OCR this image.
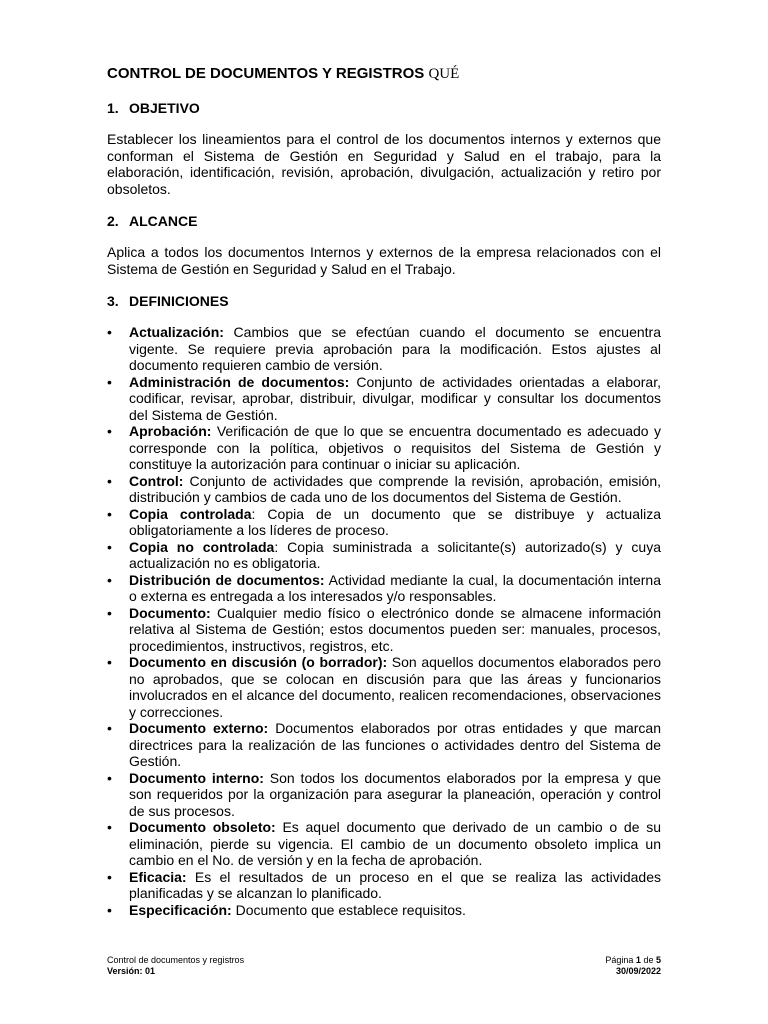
CONTROL DE DOCUMENTOS Y REGISTROS QUÉ

1. OBJETIVO

Establecer los lineamientos para el control de los documentos internos y externos que conforman el Sistema de Gestión en Seguridad y Salud en el trabajo, para la elaboración, identificación, revisión, aprobación, divulgación, actualización y retiro por obsoletos.

2. ALCANCE

Aplica a todos los documentos Internos y externos de la empresa relacionados con el Sistema de Gestión en Seguridad y Salud en el Trabajo.

3. DEFINICIONES

• Actualización: Cambios que se efectúan cuando el documento se encuentra vigente. Se requiere previa aprobación para la modificación. Estos ajustes al documento requieren cambio de versión.
• Administración de documentos: Conjunto de actividades orientadas a elaborar, codificar, revisar, aprobar, distribuir, divulgar, modificar y consultar los documentos del Sistema de Gestión.
• Aprobación: Verificación de que lo que se encuentra documentado es adecuado y corresponde con la política, objetivos o requisitos del Sistema de Gestión y constituye la autorización para continuar o iniciar su aplicación.
• Control: Conjunto de actividades que comprende la revisión, aprobación, emisión, distribución y cambios de cada uno de los documentos del Sistema de Gestión.
• Copia controlada: Copia de un documento que se distribuye y actualiza obligatoriamente a los líderes de proceso.
• Copia no controlada: Copia suministrada a solicitante(s) autorizado(s) y cuya actualización no es obligatoria.
• Distribución de documentos: Actividad mediante la cual, la documentación interna o externa es entregada a los interesados y/o responsables.
• Documento: Cualquier medio físico o electrónico donde se almacene información relativa al Sistema de Gestión; estos documentos pueden ser: manuales, procesos, procedimientos, instructivos, registros, etc.
• Documento en discusión (o borrador): Son aquellos documentos elaborados pero no aprobados, que se colocan en discusión para que las áreas y funcionarios involucrados en el alcance del documento, realicen recomendaciones, observaciones y correcciones.
• Documento externo: Documentos elaborados por otras entidades y que marcan directrices para la realización de las funciones o actividades dentro del Sistema de Gestión.
• Documento interno: Son todos los documentos elaborados por la empresa y que son requeridos por la organización para asegurar la planeación, operación y control de sus procesos.
• Documento obsoleto: Es aquel documento que derivado de un cambio o de su eliminación, pierde su vigencia. El cambio de un documento obsoleto implica un cambio en el No. de versión y en la fecha de aprobación.
• Eficacia: Es el resultados de un proceso en el que se realiza las actividades planificadas y se alcanzan lo planificado.
• Especificación: Documento que establece requisitos.
Control de documentos y registros
Versión: 01
Página 1 de 5
30/09/2022
